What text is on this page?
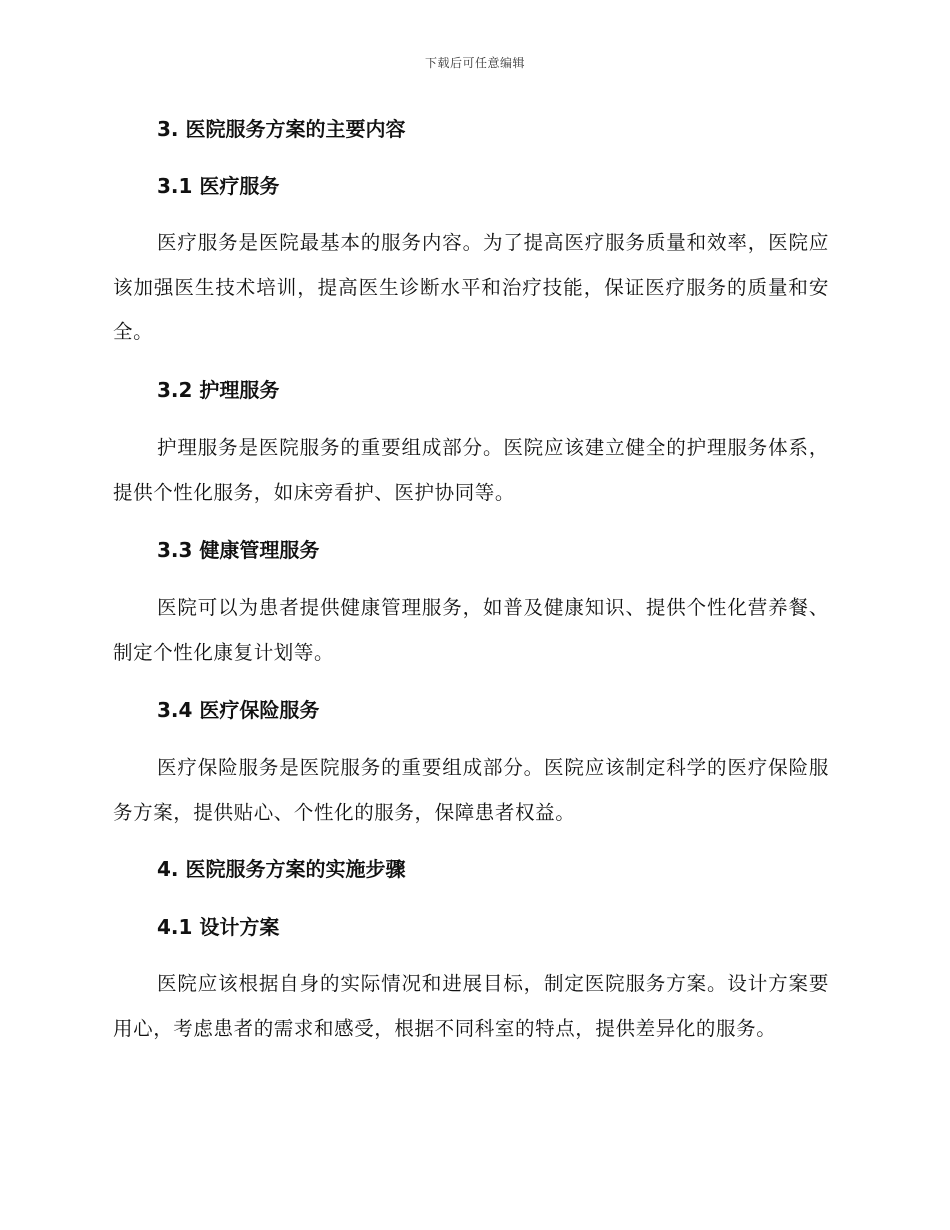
下载后可任意编辑
3. 医院服务方案的主要内容
3.1 医疗服务
医疗服务是医院最基本的服务内容。为了提高医疗服务质量和效率，医院应该加强医生技术培训，提高医生诊断水平和治疗技能，保证医疗服务的质量和安全。
3.2 护理服务
护理服务是医院服务的重要组成部分。医院应该建立健全的护理服务体系，提供个性化服务，如床旁看护、医护协同等。
3.3 健康管理服务
医院可以为患者提供健康管理服务，如普及健康知识、提供个性化营养餐、制定个性化康复计划等。
3.4 医疗保险服务
医疗保险服务是医院服务的重要组成部分。医院应该制定科学的医疗保险服务方案，提供贴心、个性化的服务，保障患者权益。
4. 医院服务方案的实施步骤
4.1 设计方案
医院应该根据自身的实际情况和进展目标，制定医院服务方案。设计方案要用心，考虑患者的需求和感受，根据不同科室的特点，提供差异化的服务。
